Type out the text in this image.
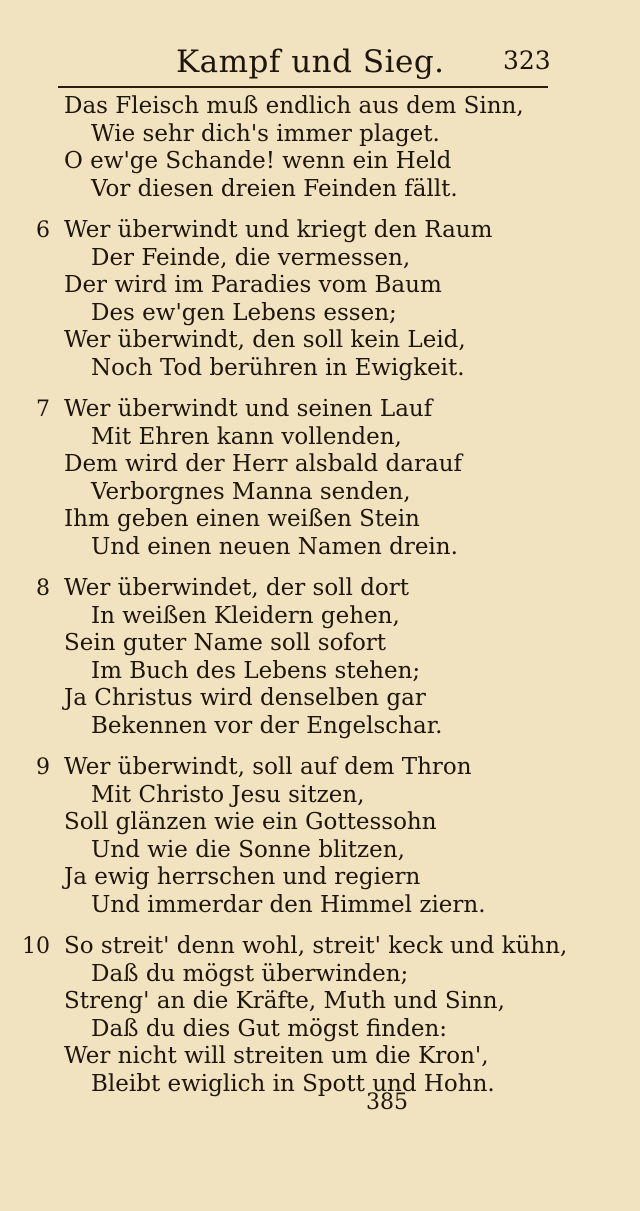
Kampf und Sieg. 323
Das Fleisch muß endlich aus dem Sinn,
Wie sehr dich's immer plaget.
O ew'ge Schande! wenn ein Held
Vor diesen dreien Feinden fällt.
6 Wer überwindt und kriegt den Raum
Der Feinde, die vermessen,
Der wird im Paradies vom Baum
Des ew'gen Lebens essen;
Wer überwindt, den soll kein Leid,
Noch Tod berühren in Ewigkeit.
7 Wer überwindt und seinen Lauf
Mit Ehren kann vollenden,
Dem wird der Herr alsbald darauf
Verborgnes Manna senden,
Ihm geben einen weißen Stein
Und einen neuen Namen drein.
8 Wer überwindet, der soll dort
In weißen Kleidern gehen,
Sein guter Name soll sofort
Im Buch des Lebens stehen;
Ja Christus wird denselben gar
Bekennen vor der Engelschar.
9 Wer überwindt, soll auf dem Thron
Mit Christo Jesu sitzen,
Soll glänzen wie ein Gottessohn
Und wie die Sonne blitzen,
Ja ewig herrschen und regiern
Und immerdar den Himmel ziern.
10 So streit' denn wohl, streit' keck und kühn,
Daß du mögst überwinden;
Streng' an die Kräfte, Muth und Sinn,
Daß du dies Gut mögst finden:
Wer nicht will streiten um die Kron',
Bleibt ewiglich in Spott und Hohn.
385
